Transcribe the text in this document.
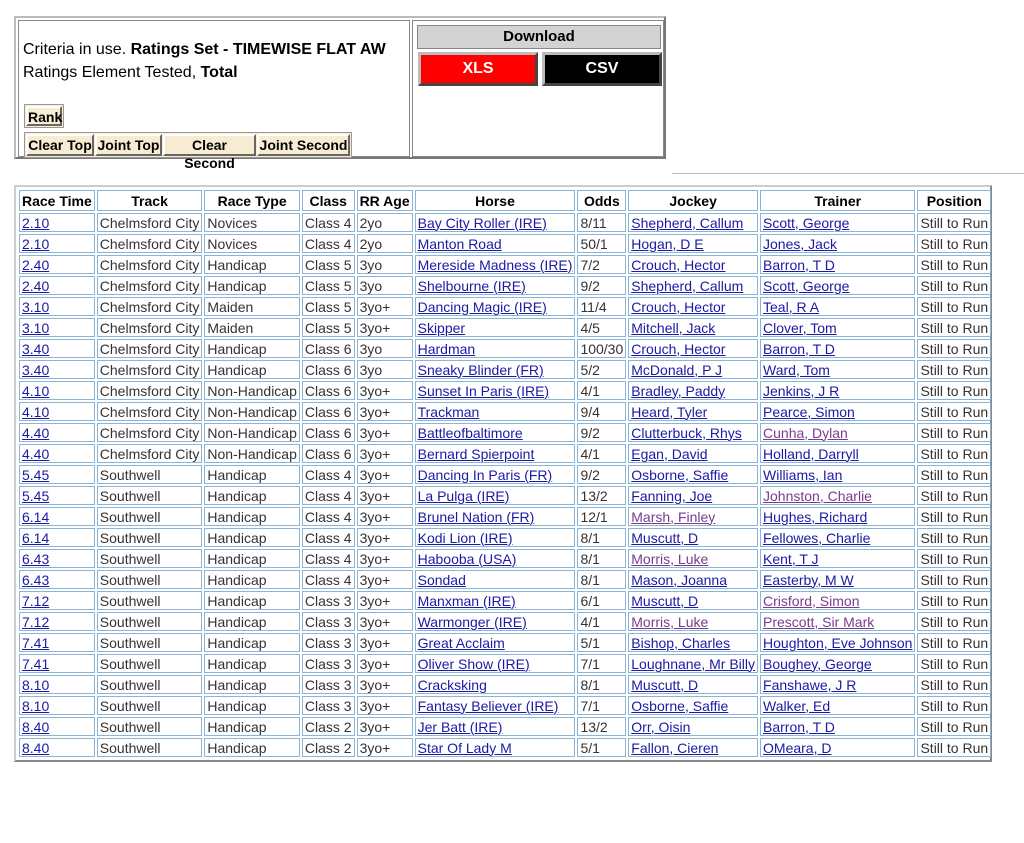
Criteria in use. Ratings Set - TIMEWISE FLAT AW
Ratings Element Tested, Total
Rank
Clear Top Joint Top	Clear Second
Joint Second
Download
XLS	CSV
Race Time	Track	Race Type	Class	RR Age	Horse	Odds	Jockey	Trainer	Position
2.10	Chelmsford City	Novices	Class 4	2yo	Bay City Roller (IRE)	8/11	Shepherd, Callum	Scott, George	Still to Run
2.10	Chelmsford City	Novices	Class 4	2yo	Manton Road	50/1	Hogan, D E	Jones, Jack	Still to Run
2.40	Chelmsford City	Handicap	Class 5	3yo	Mereside Madness (IRE)	7/2	Crouch, Hector	Barron, T D	Still to Run
2.40	Chelmsford City	Handicap	Class 5	3yo	Shelbourne (IRE)	9/2	Shepherd, Callum	Scott, George	Still to Run
3.10	Chelmsford City	Maiden	Class 5	3yo+	Dancing Magic (IRE)	11/4	Crouch, Hector	Teal, R A	Still to Run
3.10	Chelmsford City	Maiden	Class 5	3yo+	Skipper	4/5	Mitchell, Jack	Clover, Tom	Still to Run
3.40	Chelmsford City	Handicap	Class 6	3yo	Hardman	100/30	Crouch, Hector	Barron, T D	Still to Run
3.40	Chelmsford City	Handicap	Class 6	3yo	Sneaky Blinder (FR)	5/2	McDonald, P J	Ward, Tom	Still to Run
4.10	Chelmsford City	Non-Handicap	Class 6	3yo+	Sunset In Paris (IRE)	4/1	Bradley, Paddy	Jenkins, J R	Still to Run
4.10	Chelmsford City	Non-Handicap	Class 6	3yo+	Trackman	9/4	Heard, Tyler	Pearce, Simon	Still to Run
4.40	Chelmsford City	Non-Handicap	Class 6	3yo+	Battleofbaltimore	9/2	Clutterbuck, Rhys	Cunha, Dylan	Still to Run
4.40	Chelmsford City	Non-Handicap	Class 6	3yo+	Bernard Spierpoint	4/1	Egan, David	Holland, Darryll	Still to Run
5.45	Southwell	Handicap	Class 4	3yo+	Dancing In Paris (FR)	9/2	Osborne, Saffie	Williams, Ian	Still to Run
5.45	Southwell	Handicap	Class 4	3yo+	La Pulga (IRE)	13/2	Fanning, Joe	Johnston, Charlie	Still to Run
6.14	Southwell	Handicap	Class 4	3yo+	Brunel Nation (FR)	12/1	Marsh, Finley	Hughes, Richard	Still to Run
6.14	Southwell	Handicap	Class 4	3yo+	Kodi Lion (IRE)	8/1	Muscutt, D	Fellowes, Charlie	Still to Run
6.43	Southwell	Handicap	Class 4	3yo+	Habooba (USA)	8/1	Morris, Luke	Kent, T J	Still to Run
6.43	Southwell	Handicap	Class 4	3yo+	Sondad	8/1	Mason, Joanna	Easterby, M W	Still to Run
7.12	Southwell	Handicap	Class 3	3yo+	Manxman (IRE)	6/1	Muscutt, D	Crisford, Simon	Still to Run
7.12	Southwell	Handicap	Class 3	3yo+	Warmonger (IRE)	4/1	Morris, Luke	Prescott, Sir Mark	Still to Run
7.41	Southwell	Handicap	Class 3	3yo+	Great Acclaim	5/1	Bishop, Charles	Houghton, Eve Johnson	Still to Run
7.41	Southwell	Handicap	Class 3	3yo+	Oliver Show (IRE)	7/1	Loughnane, Mr Billy	Boughey, George	Still to Run
8.10	Southwell	Handicap	Class 3	3yo+	Cracksking	8/1	Muscutt, D	Fanshawe, J R	Still to Run
8.10	Southwell	Handicap	Class 3	3yo+	Fantasy Believer (IRE)	7/1	Osborne, Saffie	Walker, Ed	Still to Run
8.40	Southwell	Handicap	Class 2	3yo+	Jer Batt (IRE)	13/2	Orr, Oisin	Barron, T D	Still to Run
8.40	Southwell	Handicap	Class 2	3yo+	Star Of Lady M	5/1	Fallon, Cieren	OMeara, D	Still to Run
